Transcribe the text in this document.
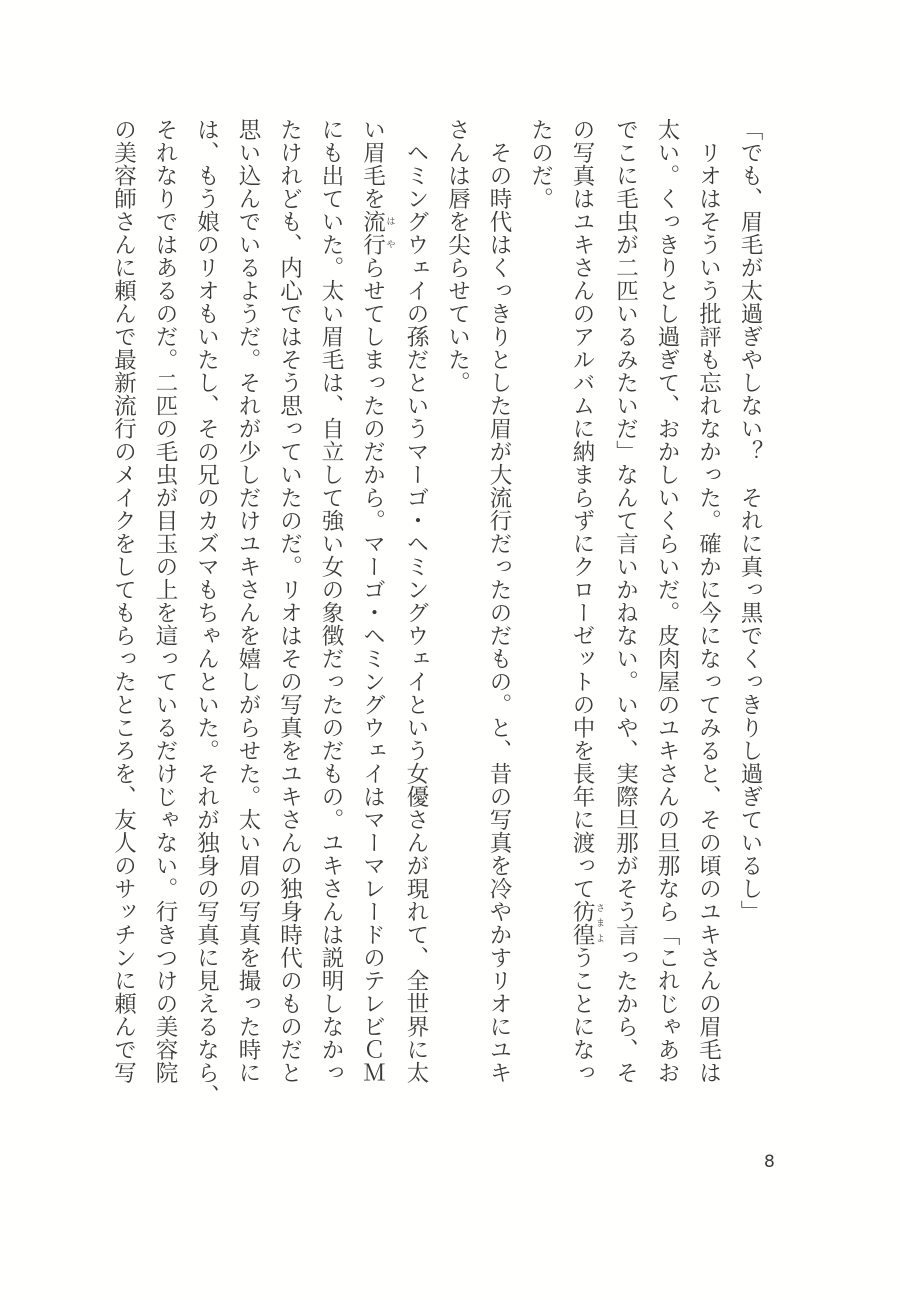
「でも、眉毛が太過ぎやしない？　それに真っ黒でくっきりし過ぎているし」
リオはそういう批評も忘れなかった。確かに今になってみると、その頃のユキさんの眉毛は
太い。くっきりとし過ぎて、おかしいくらいだ。皮肉屋のユキさんの旦那なら「これじゃあお
でこに毛虫が二匹いるみたいだ」なんて言いかねない。いや、実際旦那がそう言ったから、そ
の写真はユキさんのアルバムに納まらずにクローゼットの中を長年に渡って彷徨 さまようことになっ
たのだ。
その時代はくっきりとした眉が大流行だったのだもの。と、昔の写真を冷やかすリオにユキ
さんは唇を尖らせていた。
ヘミングウェイの孫だというマーゴ・ヘミングウェイという女優さんが現れて、全世界に太
い眉毛を流行 はやらせてしまったのだから。マーゴ・ヘミングウェイはマーマレードのテレビＣＭ
にも出ていた。太い眉毛は、自立して強い女の象徴だったのだもの。ユキさんは説明しなかっ
たけれども、内心ではそう思っていたのだ。リオはその写真をユキさんの独身時代のものだと
思い込んでいるようだ。それが少しだけユキさんを嬉しがらせた。太い眉の写真を撮った時に
は、もう娘のリオもいたし、その兄のカズマもちゃんといた。それが独身の写真に見えるなら、
それなりではあるのだ。二匹の毛虫が目玉の上を這っているだけじゃない。行きつけの美容院
の美容師さんに頼んで最新流行のメイクをしてもらったところを、友人のサッチンに頼んで写
8
